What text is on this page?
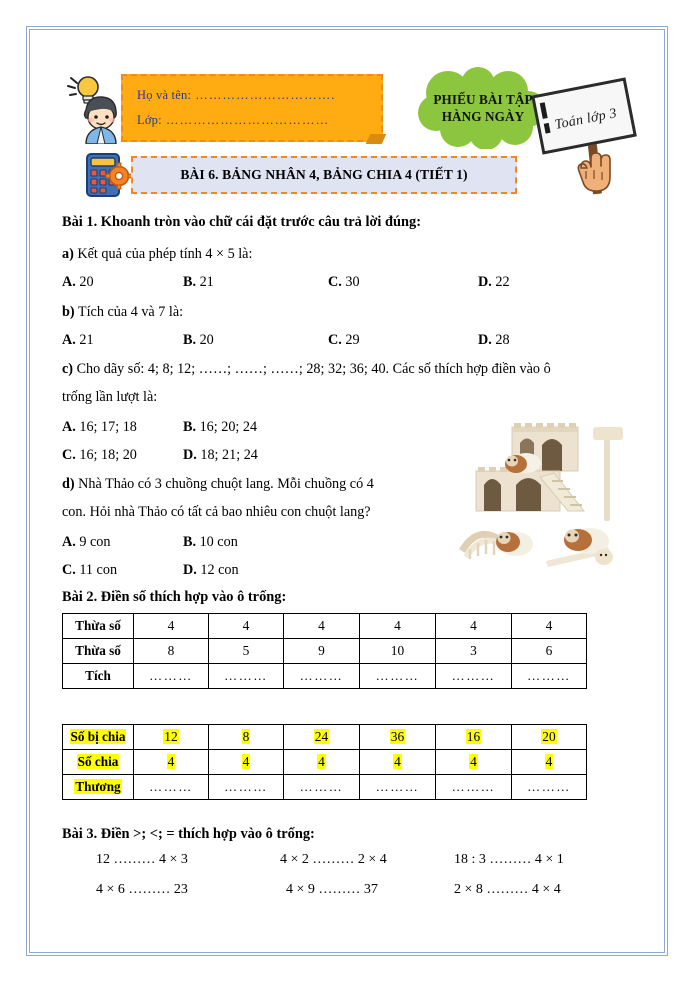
Họ và tên: ………………………….
Lớp: ………………………………
PHIẾU BÀI TẬP
HÀNG NGÀY	Toán lớp 3
BÀI 6. BẢNG NHÂN 4, BẢNG CHIA 4 (TIẾT 1)
Bài 1. Khoanh tròn vào chữ cái đặt trước câu trả lời đúng:
a) Kết quả của phép tính 4 × 5 là:
A. 20	B. 21	C. 30	D. 22
b) Tích của 4 và 7 là:
A. 21	B. 20	C. 29	D. 28
c) Cho dãy số: 4; 8; 12; ……; ……; ……; 28; 32; 36; 40. Các số thích hợp điền vào ô
trống lần lượt là:
A. 16; 17; 18	B. 16; 20; 24
C. 16; 18; 20	D. 18; 21; 24
d) Nhà Thảo có 3 chuồng chuột lang. Mỗi chuồng có 4
con. Hỏi nhà Thảo có tất cả bao nhiêu con chuột lang?
A. 9 con	B. 10 con
C. 11 con	D. 12 con
Bài 2. Điền số thích hợp vào ô trống:
Thừa số	4	4	4	4	4	4
Thừa số	8	5	9	10	3	6
Tích	………	………	………	………	………	………
Số bị chia	12	8	24	36	16	20
Số chia	4	4	4	4	4	4
Thương	………	………	………	………	………	………
Bài 3. Điền >; <; = thích hợp vào ô trống:
12 ……… 4 × 3	4 × 2 ……… 2 × 4	18 : 3 ……… 4 × 1
4 × 6 ……… 23	4 × 9 ……… 37	2 × 8 ……… 4 × 4
